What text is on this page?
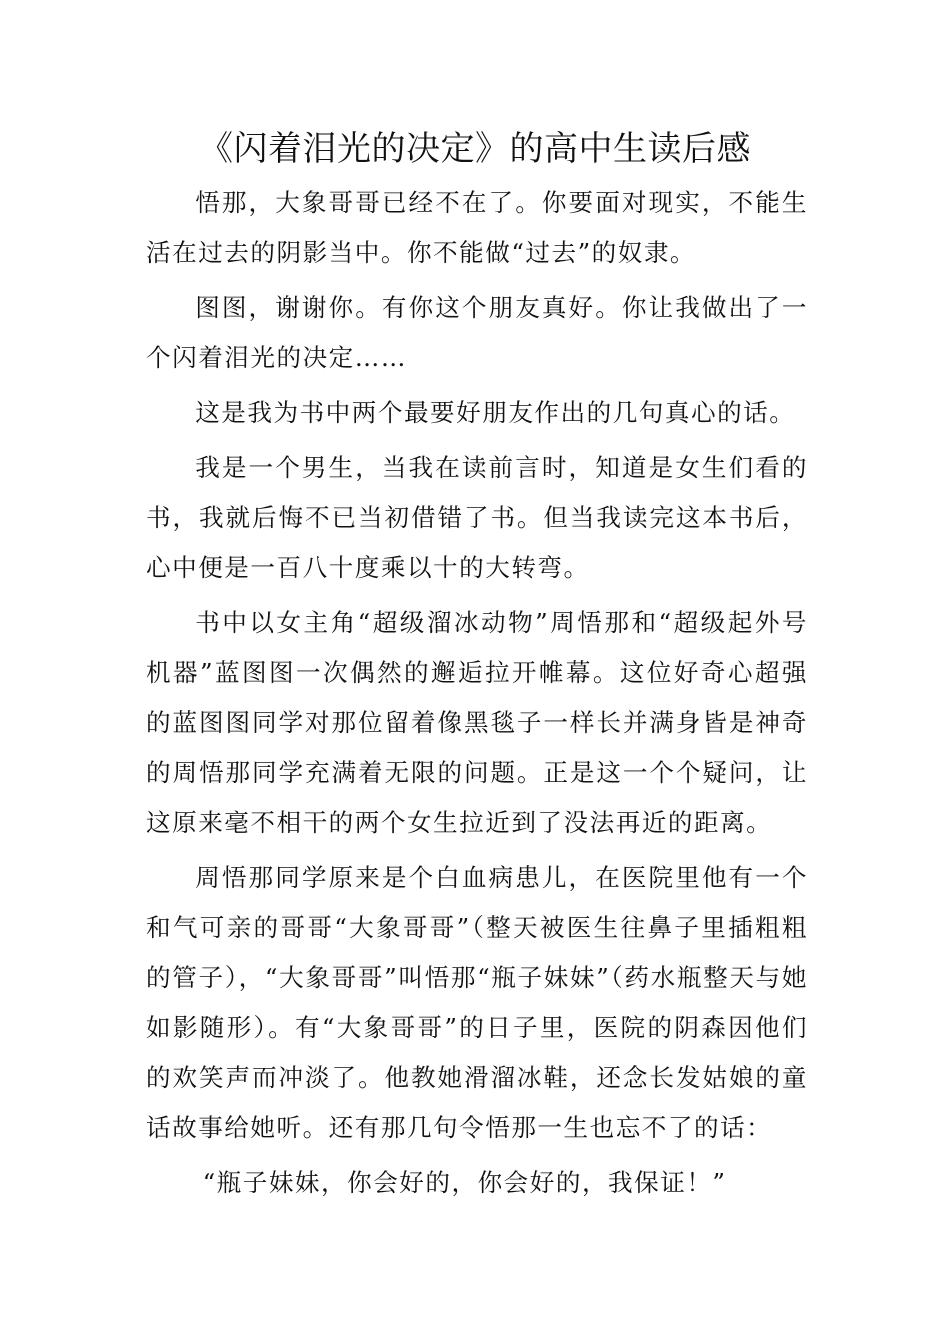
《闪着泪光的决定》的高中生读后感

悟那，大象哥哥已经不在了。你要面对现实，不能生活在过去的阴影当中。你不能做“过去”的奴隶。

图图，谢谢你。有你这个朋友真好。你让我做出了一个闪着泪光的决定……

这是我为书中两个最要好朋友作出的几句真心的话。

我是一个男生，当我在读前言时，知道是女生们看的书，我就后悔不已当初借错了书。但当我读完这本书后，心中便是一百八十度乘以十的大转弯。

书中以女主角“超级溜冰动物”周悟那和“超级起外号机器”蓝图图一次偶然的邂逅拉开帷幕。这位好奇心超强的蓝图图同学对那位留着像黑毯子一样长并满身皆是神奇的周悟那同学充满着无限的问题。正是这一个个疑问，让这原来毫不相干的两个女生拉近到了没法再近的距离。

周悟那同学原来是个白血病患儿，在医院里他有一个和气可亲的哥哥“大象哥哥”（整天被医生往鼻子里插粗粗的管子），“大象哥哥”叫悟那“瓶子妹妹”（药水瓶整天与她如影随形）。有“大象哥哥”的日子里，医院的阴森因他们的欢笑声而冲淡了。他教她滑溜冰鞋，还念长发姑娘的童话故事给她听。还有那几句令悟那一生也忘不了的话：

“瓶子妹妹，你会好的，你会好的，我保证！”
